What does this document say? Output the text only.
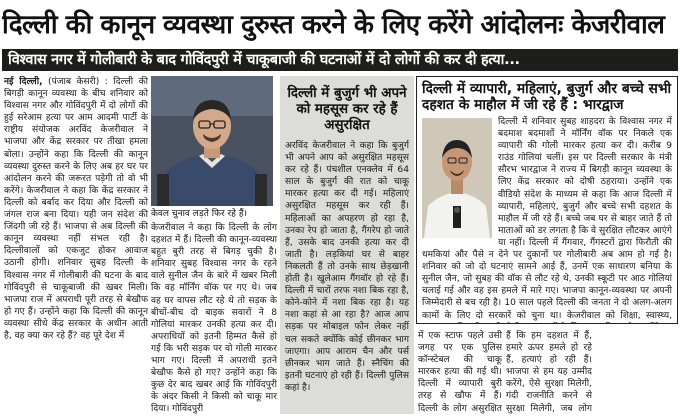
दिल्ली की कानून व्यवस्था दुरुस्त करने के लिए करेंगे आंदोलनः केजरीवाल
विश्वास नगर में गोलीबारी के बाद गोविंदपुरी में चाकूबाजी की घटनाओं में दो लोगों की कर दी हत्या...
नई दिल्ली, (पंजाब केसरी) : दिल्ली की बिगड़ी कानून व्यवस्था के बीच शनिवार को विश्वास नगर और गोविंदपुरी में दो लोगों की हुई सरेआम हत्या पर आम आदमी पार्टी के राष्ट्रीय संयोजक अरविंद केजरीवाल ने भाजपा और केंद्र सरकार पर तीखा हमला बोला। उन्होंने कहा कि दिल्ली की कानून व्यवस्था दुरुस्त करने के लिए अब हर घर पर आंदोलन करने की जरूरत पड़ेगी तो वो भी करेंगे। केजरीवाल ने कहा कि केंद्र सरकार ने दिल्ली को बर्बाद कर दिया और दिल्ली को जंगल राज बना दिया। यही जन संदेश की जिंदगी जी रहे हैं। भाजपा से अब दिल्ली की कानून व्यवस्था नहीं संभल रही है। दिल्लीवालों को एकजुट होकर आवाज उठानी होगी। शनिवार सुबह दिल्ली के विश्वास नगर में गोलीबारी की घटना के बाद गोविंदपुरी से चाकूबाजी की खबर मिली। भाजपा राज में अपराधी पूरी तरह से बेखौफ हो गए हैं। उन्होंने कहा कि दिल्ली की कानून व्यवस्था सीधे केंद्र सरकार के अधीन आती है, वह क्या कर रहे हैं? वह पूरे देश में
केवल चुनाव लड़ते फिर रहे हैं।
केजरीवाल ने कहा कि दिल्ली के लोग दहशत में हैं। दिल्ली की कानून-व्यवस्था बहुत बुरी तरह से बिगड़ चुकी है। शनिवार सुबह विश्वास नगर के रहने वाले सुनील जैन के बारे में खबर मिली कि वह मॉर्निंग वॉक पर गए थे। जब वह घर वापस लौट रहे थे तो सड़क के बीचों-बीच दो बाइक सवारों ने 8 गोलियां मारकर उनकी हत्या कर दी। अपराधियों को इतनी हिम्मत कैसे हो गई कि भरी सड़क पर वो गोली मारकर भाग गए। दिल्ली में अपराधी इतने बेखौफ कैसे हो गए? उन्होंने कहा कि कुछ देर बाद खबर आई कि गोविंदपुरी के अंदर किसी ने किसी को चाकू मार दिया। गोविंदपुरी
दिल्ली में बुजुर्ग भी अपने को महसूस कर रहे हैं असुरक्षित
अरविंद केजरीवाल ने कहा कि बुजुर्ग भी अपने आप को असुरक्षित महसूस कर रहे हैं। पंचशील एनक्लेव में 64 साल के बुजुर्ग की रात को चाकू मारकर हत्या कर दी गई। महिलाएं असुरक्षित महसूस कर रही हैं। महिलाओं का अपहरण हो रहा है, उनका रेप हो जाता है, गैंगरेप हो जाते हैं, उसके बाद उनकी हत्या कर दी जाती है। लड़कियां घर से बाहर निकलती हैं तो उनके साथ छेड़खानी होती है। खुलेआम गैंगवॉर हो रहे हैं। दिल्ली में चारों तरफ नशा बिक रहा है, कोने-कोने में नशा बिक रहा है। यह नशा कहां से आ रहा है? आज आप सड़क पर मोबाइल फोन लेकर नहीं चल सकते क्योंकि कोई छीनकर भाग जाएगा। आप आराम चैन और पर्स छीनकर भाग जाते हैं। स्नैचिंग की इतनी घटनाएं हो रही हैं। दिल्ली पुलिस कहां है।
दिल्ली में व्यापारी, महिलाएं, बुजुर्ग और बच्चे सभी दहशत के माहौल में जी रहे हैं : भारद्वाज
दिल्ली में शनिवार सुबह शाहदरा के विश्वास नगर में बदमाश बदमाशों ने मॉर्निंग वॉक पर निकले एक व्यापारी की गोली मारकर हत्या कर दी। करीब 9 राउंड गोलियां चलीं। इस पर दिल्ली सरकार के मंत्री सौरभ भारद्वाज ने राज्य में बिगड़ी कानून व्यवस्था के लिए केंद्र सरकार को दोषी ठहराया। उन्होंने एक वीडियो संदेश के माध्यम से कहा कि आज दिल्ली में व्यापारी, महिलाएं, बुजुर्ग और बच्चे सभी दहशत के माहौल में जी रहे हैं। बच्चे जब घर से बाहर जाते हैं तो माताओं को डर लगता है कि वे सुरक्षित लौटकर आएंगे या नहीं। दिल्ली में गैंगवार, गैंगस्टरों द्वारा फिरौती की धमकियां और पैसे न देने पर दुकानों पर गोलीबारी अब आम हो गई है। शनिवार को जो दो घटनाएं सामने आई हैं, उनमें एक साधारण बनिया के सुनील जैन, जो सुबह की वॉक से लौट रहे थे, उनकी स्कूटी पर आठ गोलियां चलाई गई और वह इस हमले में मारे गए। भाजपा कानून-व्यवस्था पर अपनी जिम्मेदारी से बच रही है। 10 साल पहले दिल्ली की जनता ने दो अलग-अलग कामों के लिए दो सरकारें को चुना था। केजरीवाल को शिक्षा, स्वास्थ्य,
में एक स्टाफ पहले उसी जगह पर एक पुलिस कॉन्स्टेबल की चाकू मारकर हत्या की गई थी। दिल्ली में व्यापारी बुरी तरह से खौफ में हैं। दिल्ली के लोग असुरक्षित
हैं कि हम दहशत में हैं, हमारे ऊपर हमले हो रहे हैं, हत्याएं हो रही हैं। भाजपा से हम यह उम्मीद करेंगे, ऐसे सुरक्षा मिलेगी, गंदी राजनीति करने से सुरक्षा मिलेगी, जब लोग
